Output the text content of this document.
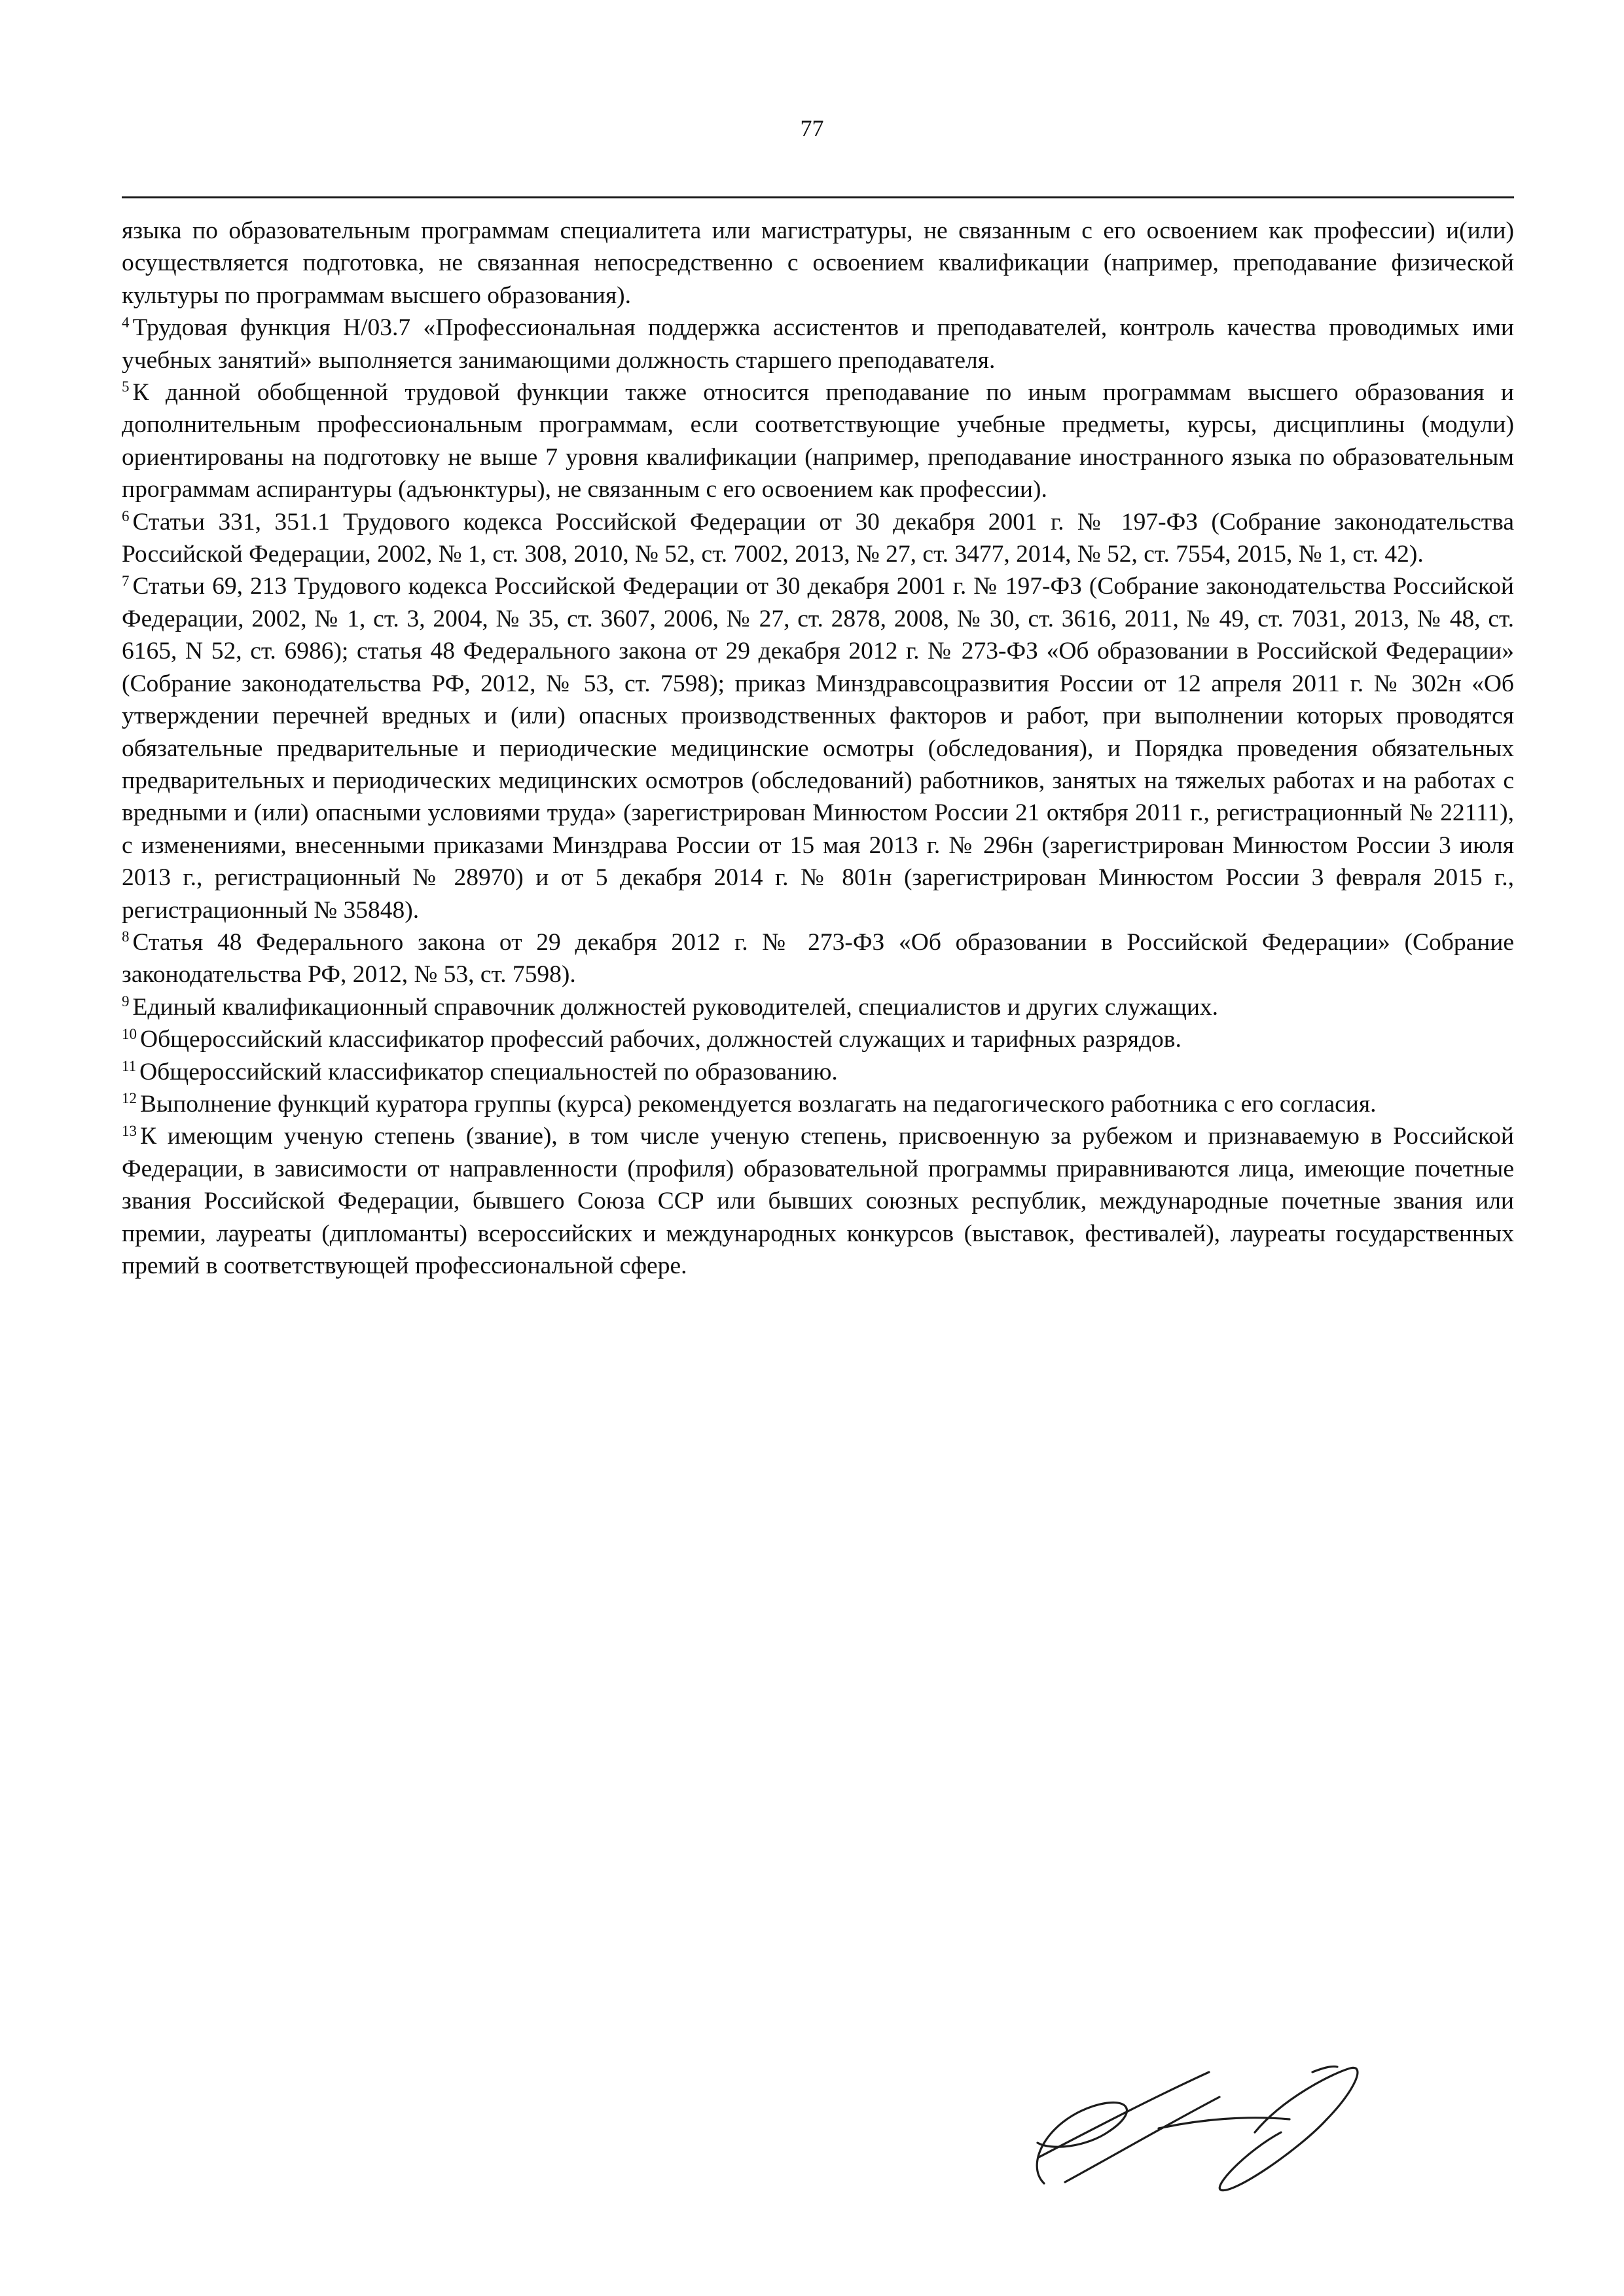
77

языка по образовательным программам специалитета или магистратуры, не связанным с его освоением как профессии) и(или) осуществляется подготовка, не связанная непосредственно с освоением квалификации (например, преподавание физической культуры по программам высшего образования).

$^4$ Трудовая функция H/03.7 «Профессиональная поддержка ассистентов и преподавателей, контроль качества проводимых ими учебных занятий» выполняется занимающими должность старшего преподавателя.

$^5$ К данной обобщенной трудовой функции также относится преподавание по иным программам высшего образования и дополнительным профессиональным программам, если соответствующие учебные предметы, курсы, дисциплины (модули) ориентированы на подготовку не выше 7 уровня квалификации (например, преподавание иностранного языка по образовательным программам аспирантуры (адъюнктуры), не связанным с его освоением как профессии).

$^6$ Статьи 331, 351.1 Трудового кодекса Российской Федерации от 30 декабря 2001 г. № 197-ФЗ (Собрание законодательства Российской Федерации, 2002, № 1, ст. 308, 2010, № 52, ст. 7002, 2013, № 27, ст. 3477, 2014, № 52, ст. 7554, 2015, № 1, ст. 42).

$^7$ Статьи 69, 213 Трудового кодекса Российской Федерации от 30 декабря 2001 г. № 197-ФЗ (Собрание законодательства Российской Федерации, 2002, № 1, ст. 3, 2004, № 35, ст. 3607, 2006, № 27, ст. 2878, 2008, № 30, ст. 3616, 2011, № 49, ст. 7031, 2013, № 48, ст. 6165, N 52, ст. 6986); статья 48 Федерального закона от 29 декабря 2012 г. № 273-ФЗ «Об образовании в Российской Федерации» (Собрание законодательства РФ, 2012, № 53, ст. 7598); приказ Минздравсоцразвития России от 12 апреля 2011 г. № 302н «Об утверждении перечней вредных и (или) опасных производственных факторов и работ, при выполнении которых проводятся обязательные предварительные и периодические медицинские осмотры (обследования), и Порядка проведения обязательных предварительных и периодических медицинских осмотров (обследований) работников, занятых на тяжелых работах и на работах с вредными и (или) опасными условиями труда» (зарегистрирован Минюстом России 21 октября 2011 г., регистрационный № 22111), с изменениями, внесенными приказами Минздрава России от 15 мая 2013 г. № 296н (зарегистрирован Минюстом России 3 июля 2013 г., регистрационный № 28970) и от 5 декабря 2014 г. № 801н (зарегистрирован Минюстом России 3 февраля 2015 г., регистрационный № 35848).

$^8$ Статья 48 Федерального закона от 29 декабря 2012 г. № 273-ФЗ «Об образовании в Российской Федерации» (Собрание законодательства РФ, 2012, № 53, ст. 7598).

$^9$ Единый квалификационный справочник должностей руководителей, специалистов и других служащих.

$^{10}$ Общероссийский классификатор профессий рабочих, должностей служащих и тарифных разрядов.

$^{11}$ Общероссийский классификатор специальностей по образованию.

$^{12}$ Выполнение функций куратора группы (курса) рекомендуется возлагать на педагогического работника с его согласия.

$^{13}$ К имеющим ученую степень (звание), в том числе ученую степень, присвоенную за рубежом и признаваемую в Российской Федерации, в зависимости от направленности (профиля) образовательной программы приравниваются лица, имеющие почетные звания Российской Федерации, бывшего Союза ССР или бывших союзных республик, международные почетные звания или премии, лауреаты (дипломанты) всероссийских и международных конкурсов (выставок, фестивалей), лауреаты государственных премий в соответствующей профессиональной сфере.
